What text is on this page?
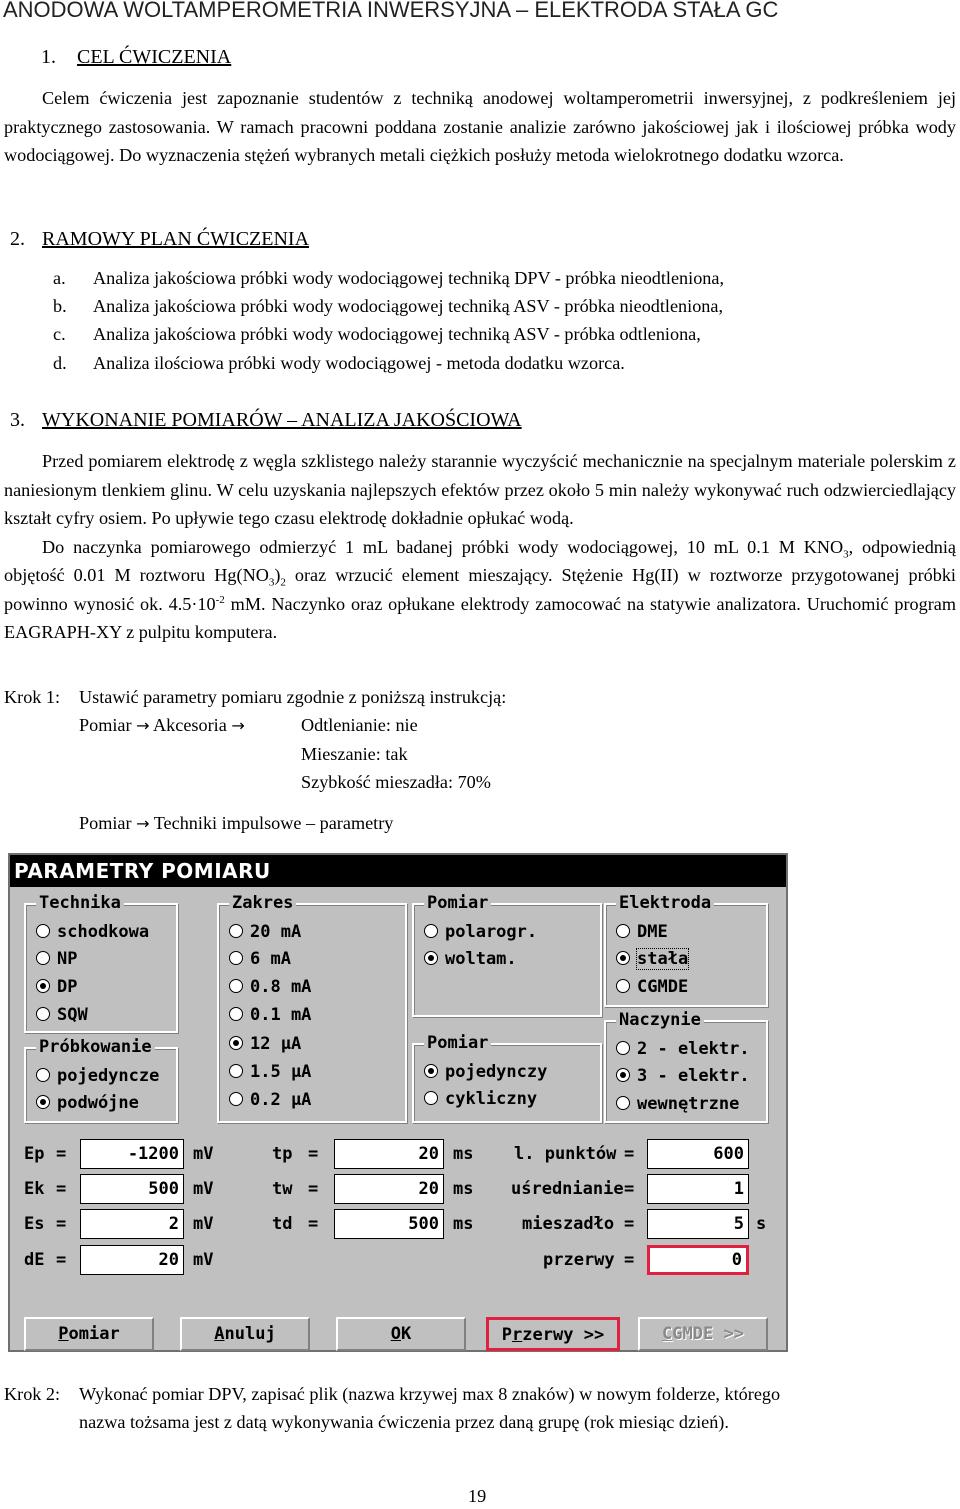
ANODOWA WOLTAMPEROMETRIA INWERSYJNA – ELEKTRODA STAŁA GC
1. CEL ĆWICZENIA

Celem ćwiczenia jest zapoznanie studentów z techniką anodowej woltamperometrii inwersyjnej, z podkreśleniem jej praktycznego zastosowania. W ramach pracowni poddana zostanie analizie zarówno jakościowej jak i ilościowej próbka wody wodociągowej. Do wyznaczenia stężeń wybranych metali ciężkich posłuży metoda wielokrotnego dodatku wzorca.

2. RAMOWY PLAN ĆWICZENIA
a. Analiza jakościowa próbki wody wodociągowej techniką DPV - próbka nieodtleniona,
b. Analiza jakościowa próbki wody wodociągowej techniką ASV - próbka nieodtleniona,
c. Analiza jakościowa próbki wody wodociągowej techniką ASV - próbka odtleniona,
d. Analiza ilościowa próbki wody wodociągowej - metoda dodatku wzorca.
3. WYKONANIE POMIARÓW – ANALIZA JAKOŚCIOWA

Przed pomiarem elektrodę z węgla szklistego należy starannie wyczyścić mechanicznie na specjalnym materiale polerskim z naniesionym tlenkiem glinu. W celu uzyskania najlepszych efektów przez około 5 min należy wykonywać ruch odzwierciedlający kształt cyfry osiem. Po upływie tego czasu elektrodę dokładnie opłukać wodą.

Do naczynka pomiarowego odmierzyć 1 mL badanej próbki wody wodociągowej, 10 mL 0.1 M $KNO_3$, odpowiednią objętość 0.01 M roztworu $Hg(NO_3)_2$ oraz wrzucić element mieszający. Stężenie Hg(II) w roztworze przygotowanej próbki powinno wynosić ok. $4.5\cdot 10^{-2}$ mM. Naczynko oraz opłukane elektrody zamocować na statywie analizatora. Uruchomić program EAGRAPH-XY z pulpitu komputera.

Krok 1: Ustawić parametry pomiaru zgodnie z poniższą instrukcją:
Pomiar → Akcesoria →	Odtlenianie: nie
Mieszanie: tak
Szybkość mieszadła: 70%
Pomiar → Techniki impulsowe – parametry
PARAMETRY POMIARU
Technika
schodkowa
NP
DP
SQW
Próbkowanie
pojedyncze
podwójne
Zakres
20 mA
6 mA
0.8 mA
0.1 mA
12 µA
1.5 µA
0.2 µA
Pomiar
polarogr.
woltam.
Pomiar
pojedynczy
cykliczny
Elektroda
DME
stała
CGMDE
Naczynie
2 - elektr.
3 - elektr.
wewnętrzne
Ep =	-1200 mV
Ek =	500 mV
Es =	2 mV
dE =	20 mV
tp =	20 ms
tw =	20 ms
td =	500 ms
l. punktów =	600
uśrednianie =	1
mieszadło =	5 s
przerwy =	0
Pomiar	Anuluj	OK	Przerwy >>	CGMDE >>
Krok 2: Wykonać pomiar DPV, zapisać plik (nazwa krzywej max 8 znaków) w nowym folderze, którego
nazwa tożsama jest z datą wykonywania ćwiczenia przez daną grupę (rok miesiąc dzień).
19
